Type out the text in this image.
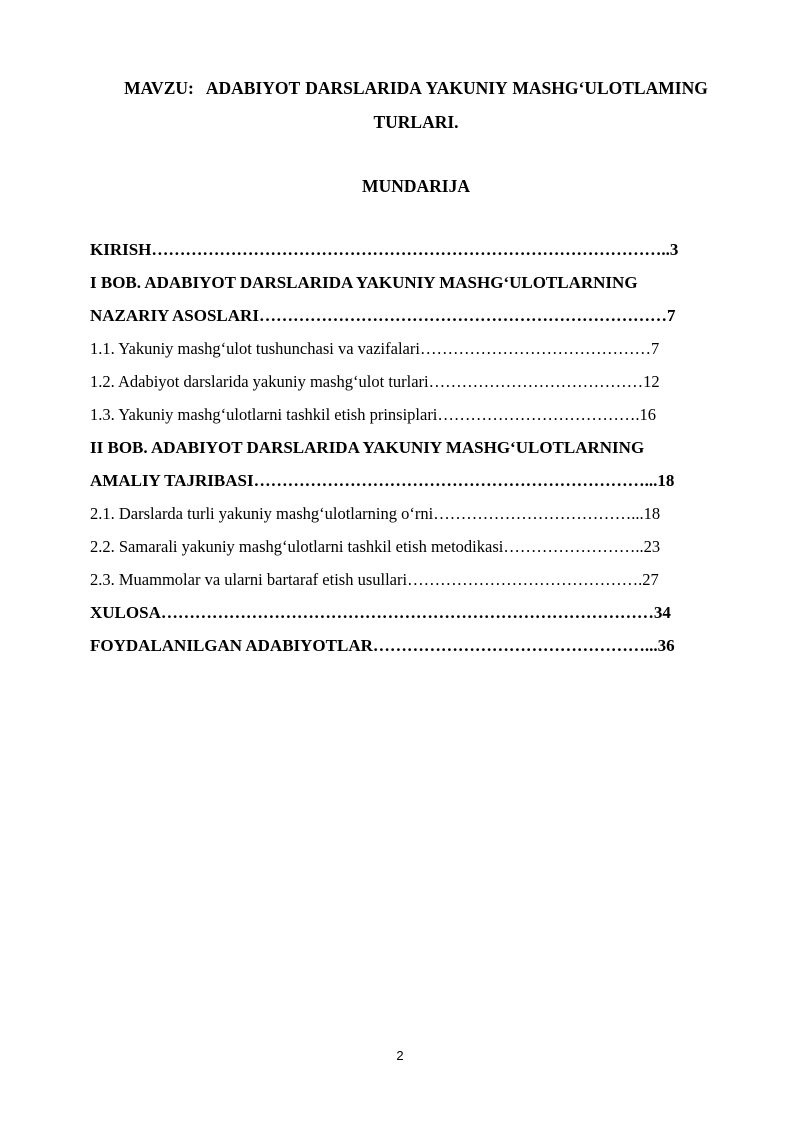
MAVZU: ADABIYOT DARSLARIDA YAKUNIY MASHG‘ULOTLAMING
TURLARI.
MUNDARIJA
KIRISH………………………………………………………………………………..3
I BOB. ADABIYOT DARSLARIDA YAKUNIY MASHG‘ULOTLARNING
NAZARIY ASOSLARI………………………………………………………………7
1.1. Yakuniy mashg‘ulot tushunchasi va vazifalari……………………………………7
1.2. Adabiyot darslarida yakuniy mashg‘ulot turlari…………………………………12
1.3. Yakuniy mashg‘ulotlarni tashkil etish prinsiplari……………………………….16
II BOB. ADABIYOT DARSLARIDA YAKUNIY MASHG‘ULOTLARNING
AMALIY TAJRIBASI……………………………………………………………...18
2.1. Darslarda turli yakuniy mashg‘ulotlarning o‘rni………………………………...18
2.2. Samarali yakuniy mashg‘ulotlarni tashkil etish metodikasi……………………..23
2.3. Muammolar va ularni bartaraf etish usullari…………………………………….27
XULOSA……………………………………………………………………………34
FOYDALANILGAN ADABIYOTLAR…………………………………………...36
2
